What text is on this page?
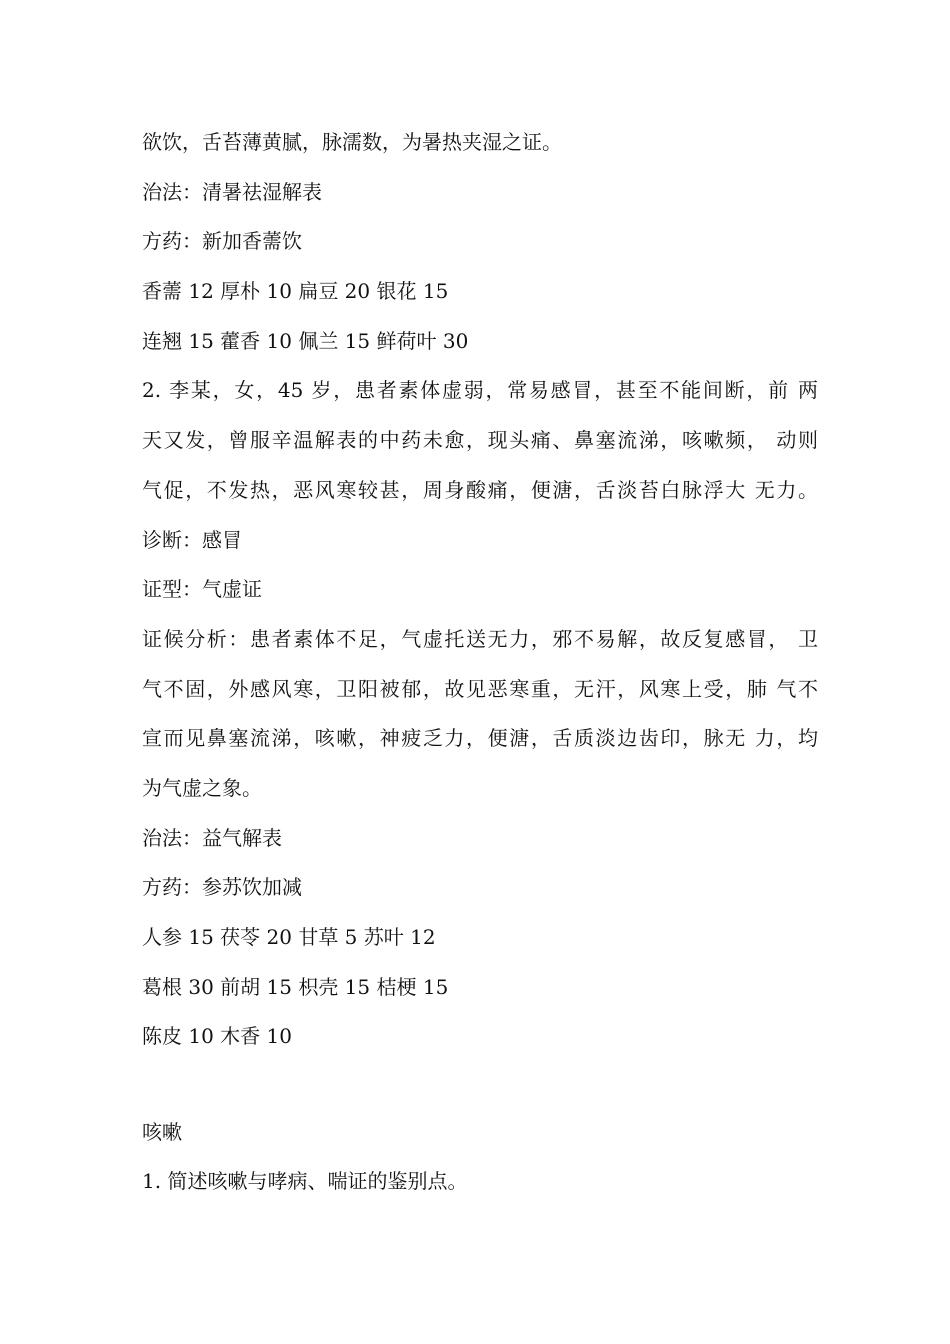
欲饮，舌苔薄黄腻，脉濡数，为暑热夹湿之证。
治法：清暑祛湿解表
方药：新加香薷饮
香薷 12 厚朴 10 扁豆 20 银花 15
连翘 15 藿香 10 佩兰 15 鲜荷叶 30
2. 李某，女，45 岁，患者素体虚弱，常易感冒，甚至不能间断，前 两
天又发，曾服辛温解表的中药未愈，现头痛、鼻塞流涕，咳嗽频， 动则
气促，不发热，恶风寒较甚，周身酸痛，便溏，舌淡苔白脉浮大 无力。
诊断：感冒
证型：气虚证
证候分析：患者素体不足，气虚托送无力，邪不易解，故反复感冒， 卫
气不固，外感风寒，卫阳被郁，故见恶寒重，无汗，风寒上受，肺 气不
宣而见鼻塞流涕，咳嗽，神疲乏力，便溏，舌质淡边齿印，脉无 力，均
为气虚之象。
治法：益气解表
方药：参苏饮加减
人参 15 茯苓 20 甘草 5 苏叶 12
葛根 30 前胡 15 枳壳 15 桔梗 15
陈皮 10 木香 10
咳嗽
1. 简述咳嗽与哮病、喘证的鉴别点。
